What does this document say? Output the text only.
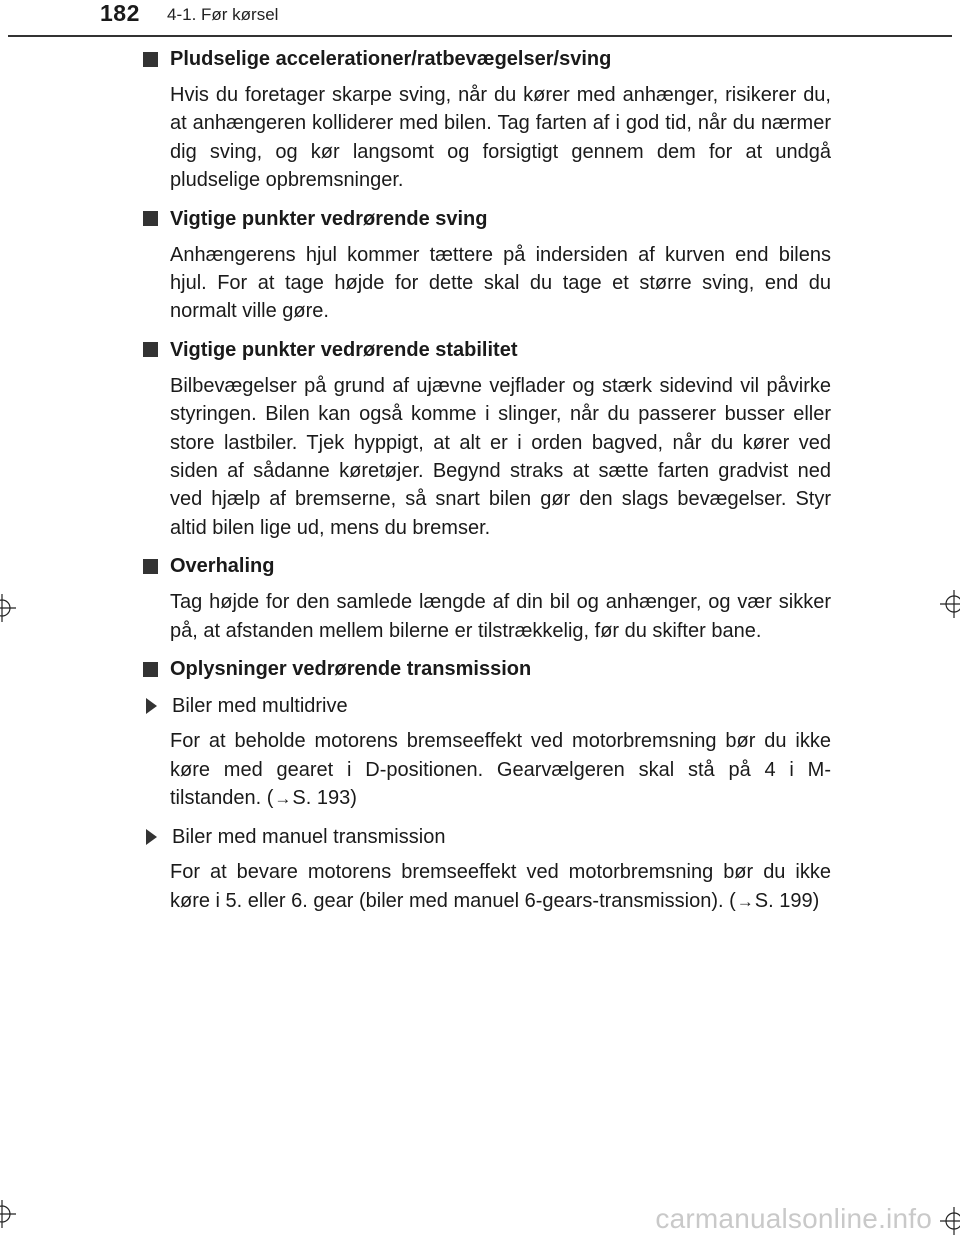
182 4-1. Før kørsel
Pludselige accelerationer/ratbevægelser/sving

Hvis du foretager skarpe sving, når du kører med anhænger, risikerer du, at anhængeren kolliderer med bilen. Tag farten af i god tid, når du nærmer dig sving, og kør langsomt og forsigtigt gennem dem for at undgå pludselige opbremsninger.

Vigtige punkter vedrørende sving

Anhængerens hjul kommer tættere på indersiden af kurven end bilens hjul. For at tage højde for dette skal du tage et større sving, end du normalt ville gøre.

Vigtige punkter vedrørende stabilitet

Bilbevægelser på grund af ujævne vejflader og stærk sidevind vil påvirke styringen. Bilen kan også komme i slinger, når du passerer busser eller store lastbiler. Tjek hyppigt, at alt er i orden bagved, når du kører ved siden af sådanne køretøjer. Begynd straks at sætte farten gradvist ned ved hjælp af bremserne, så snart bilen gør den slags bevægelser. Styr altid bilen lige ud, mens du bremser.

Overhaling

Tag højde for den samlede længde af din bil og anhænger, og vær sikker på, at afstanden mellem bilerne er tilstrækkelig, før du skifter bane.

Oplysninger vedrørende transmission
Biler med multidrive

For at beholde motorens bremseeffekt ved motorbremsning bør du ikke køre med gearet i D-positionen. Gearvælgeren skal stå på 4 i M-tilstanden. (→S. 193)

Biler med manuel transmission

For at bevare motorens bremseeffekt ved motorbremsning bør du ikke køre i 5. eller 6. gear (biler med manuel 6-gears-transmission). (→S. 199)

carmanualsonline.info
